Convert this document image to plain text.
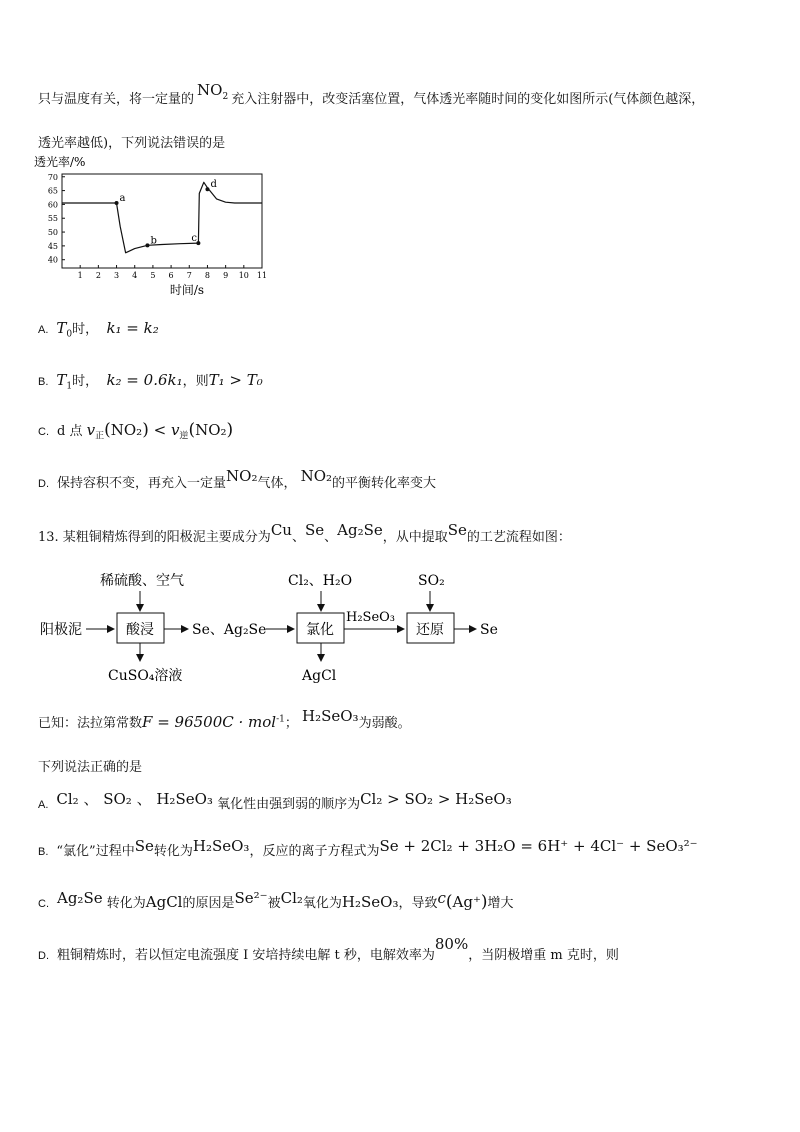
只与温度有关，将一定量的$NO_2$ 充入注射器中，改变活塞位置，气体透光率随时间的变化如图所示(气体颜色越深，
透光率越低)，下列说法错误的是
透光率/%
40
45
50
55
60
65
70
1 2 3 4 5 6 7 8 9 10 11
时间/s
a
b	c
d
A. $T_0$时， k₁ = k₂
B. $T_1$时， k₂ = 0.6k₁，则T₁ > T₀
C. d 点 $v_正(NO_2) < v_逆(NO_2)$
D. 保持容积不变，再充入一定量NO₂气体， NO₂的平衡转化率变大
13. 某粗铜精炼得到的阳极泥主要成分为Cu、Se、Ag₂Se，从中提取Se的工艺流程如图：
稀硫酸、空气
阳极泥	酸浸	Se、Ag₂Se
CuSO₄溶液
Cl₂、H₂O
氯化
AgCl
H₂SeO₃
SO₂
还原	Se
已知：法拉第常数F = 96500C · mol$^{-1}$； H₂SeO₃为弱酸。
下列说法正确的是
A. Cl₂ 、 SO₂ 、 H₂SeO₃ 氧化性由强到弱的顺序为Cl₂ > SO₂ > H₂SeO₃
B. “氯化”过程中Se转化为H₂SeO₃，反应的离子方程式为Se + 2Cl₂ + 3H₂O = 6H⁺ + 4Cl⁻ + SeO₃²⁻
C. Ag₂Se 转化为AgCl的原因是Se²⁻被Cl₂氧化为H₂SeO₃，导致c(Ag⁺)增大
D. 粗铜精炼时，若以恒定电流强度 I 安培持续电解 t 秒，电解效率为80%，当阴极增重 m 克时，则
